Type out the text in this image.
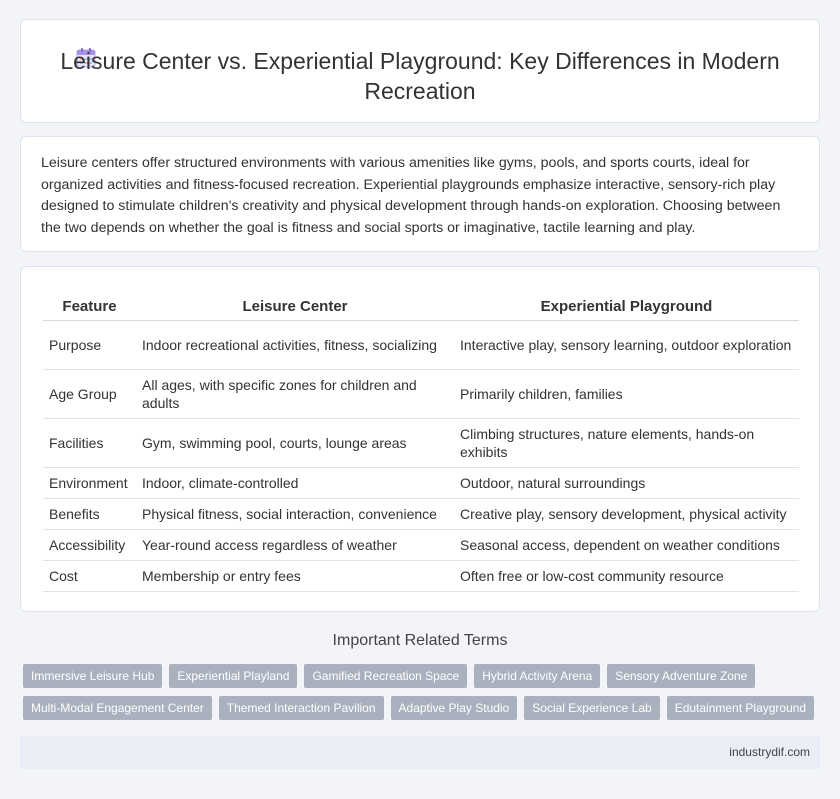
Leisure Center vs. Experiential Playground: Key Differences in Modern Recreation

Leisure centers offer structured environments with various amenities like gyms, pools, and sports courts, ideal for organized activities and fitness-focused recreation. Experiential playgrounds emphasize interactive, sensory-rich play designed to stimulate children's creativity and physical development through hands-on exploration. Choosing between the two depends on whether the goal is fitness and social sports or imaginative, tactile learning and play.

Feature	Leisure Center	Experiential Playground
Purpose	Indoor recreational activities, fitness, socializing	Interactive play, sensory learning, outdoor exploration
Age Group	All ages, with specific zones for children and adults	Primarily children, families
Facilities	Gym, swimming pool, courts, lounge areas	Climbing structures, nature elements, hands-on exhibits
Environment	Indoor, climate-controlled	Outdoor, natural surroundings
Benefits	Physical fitness, social interaction, convenience	Creative play, sensory development, physical activity
Accessibility	Year-round access regardless of weather	Seasonal access, dependent on weather conditions
Cost	Membership or entry fees	Often free or low-cost community resource
Important Related Terms
Immersive Leisure Hub	Experiential Playland	Gamified Recreation Space	Hybrid Activity Arena	Sensory Adventure Zone
Multi-Modal Engagement Center	Themed Interaction Pavilion	Adaptive Play Studio	Social Experience Lab	Edutainment Playground
industrydif.com
